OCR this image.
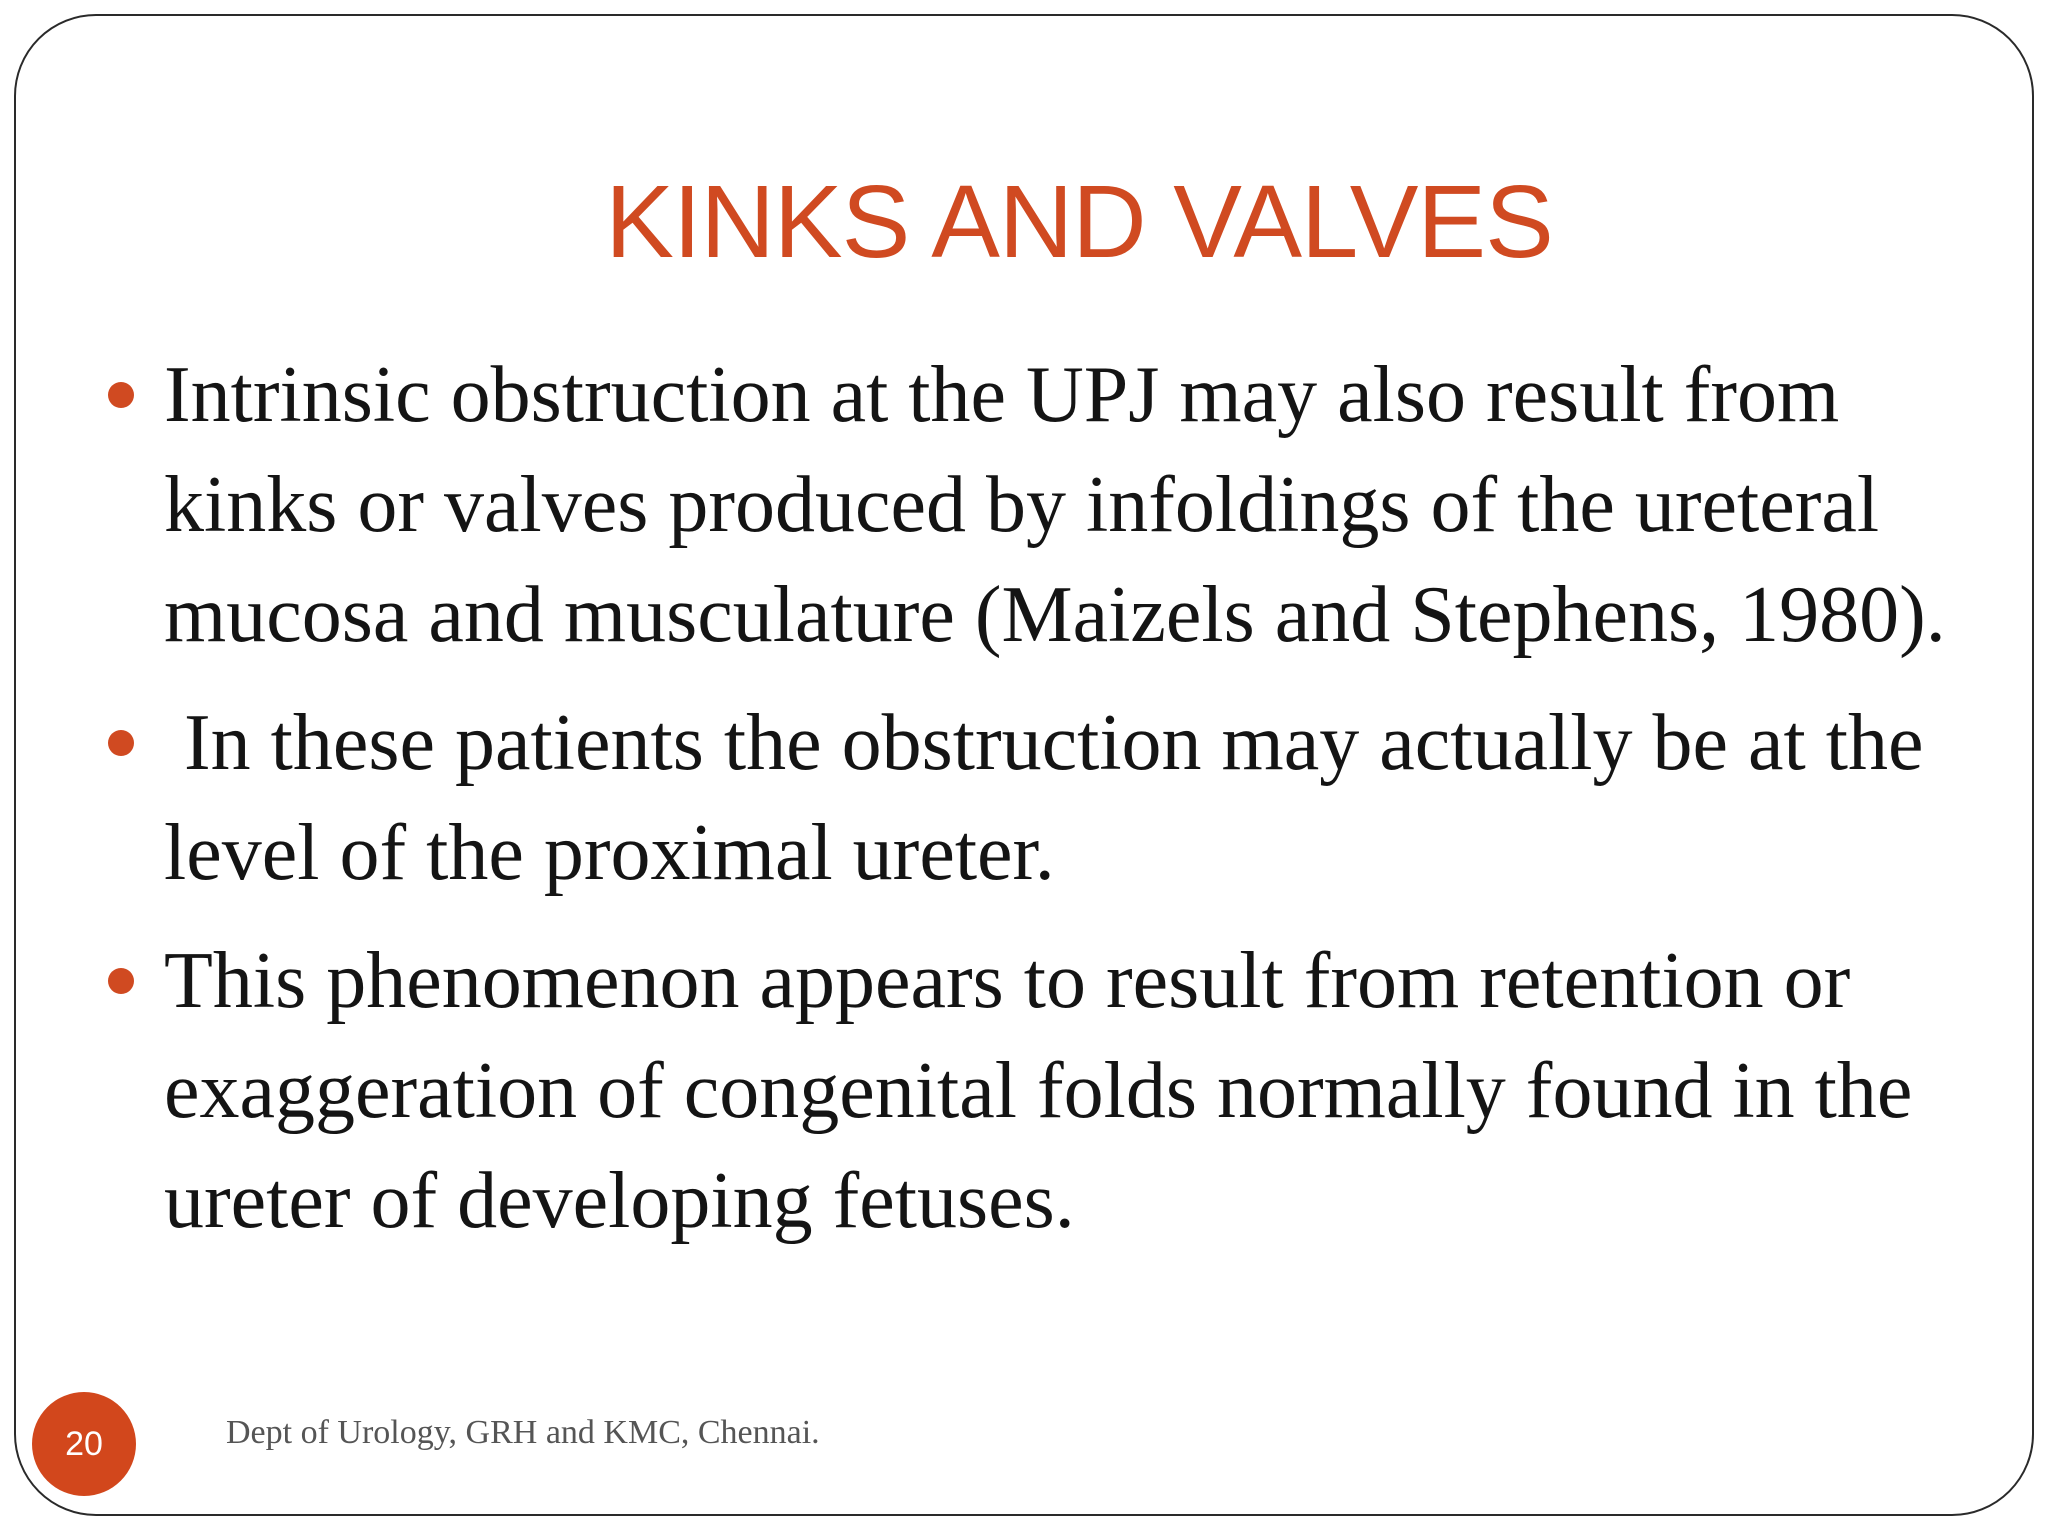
KINKS AND VALVES
Intrinsic obstruction at the UPJ may also result from kinks or valves produced by infoldings of the ureteral mucosa and musculature (Maizels and Stephens, 1980).
In these patients the obstruction may actually be at the level of the proximal ureter.
This phenomenon appears to result from retention or exaggeration of congenital folds normally found in the ureter of developing fetuses.
20	Dept of Urology, GRH and KMC, Chennai.
